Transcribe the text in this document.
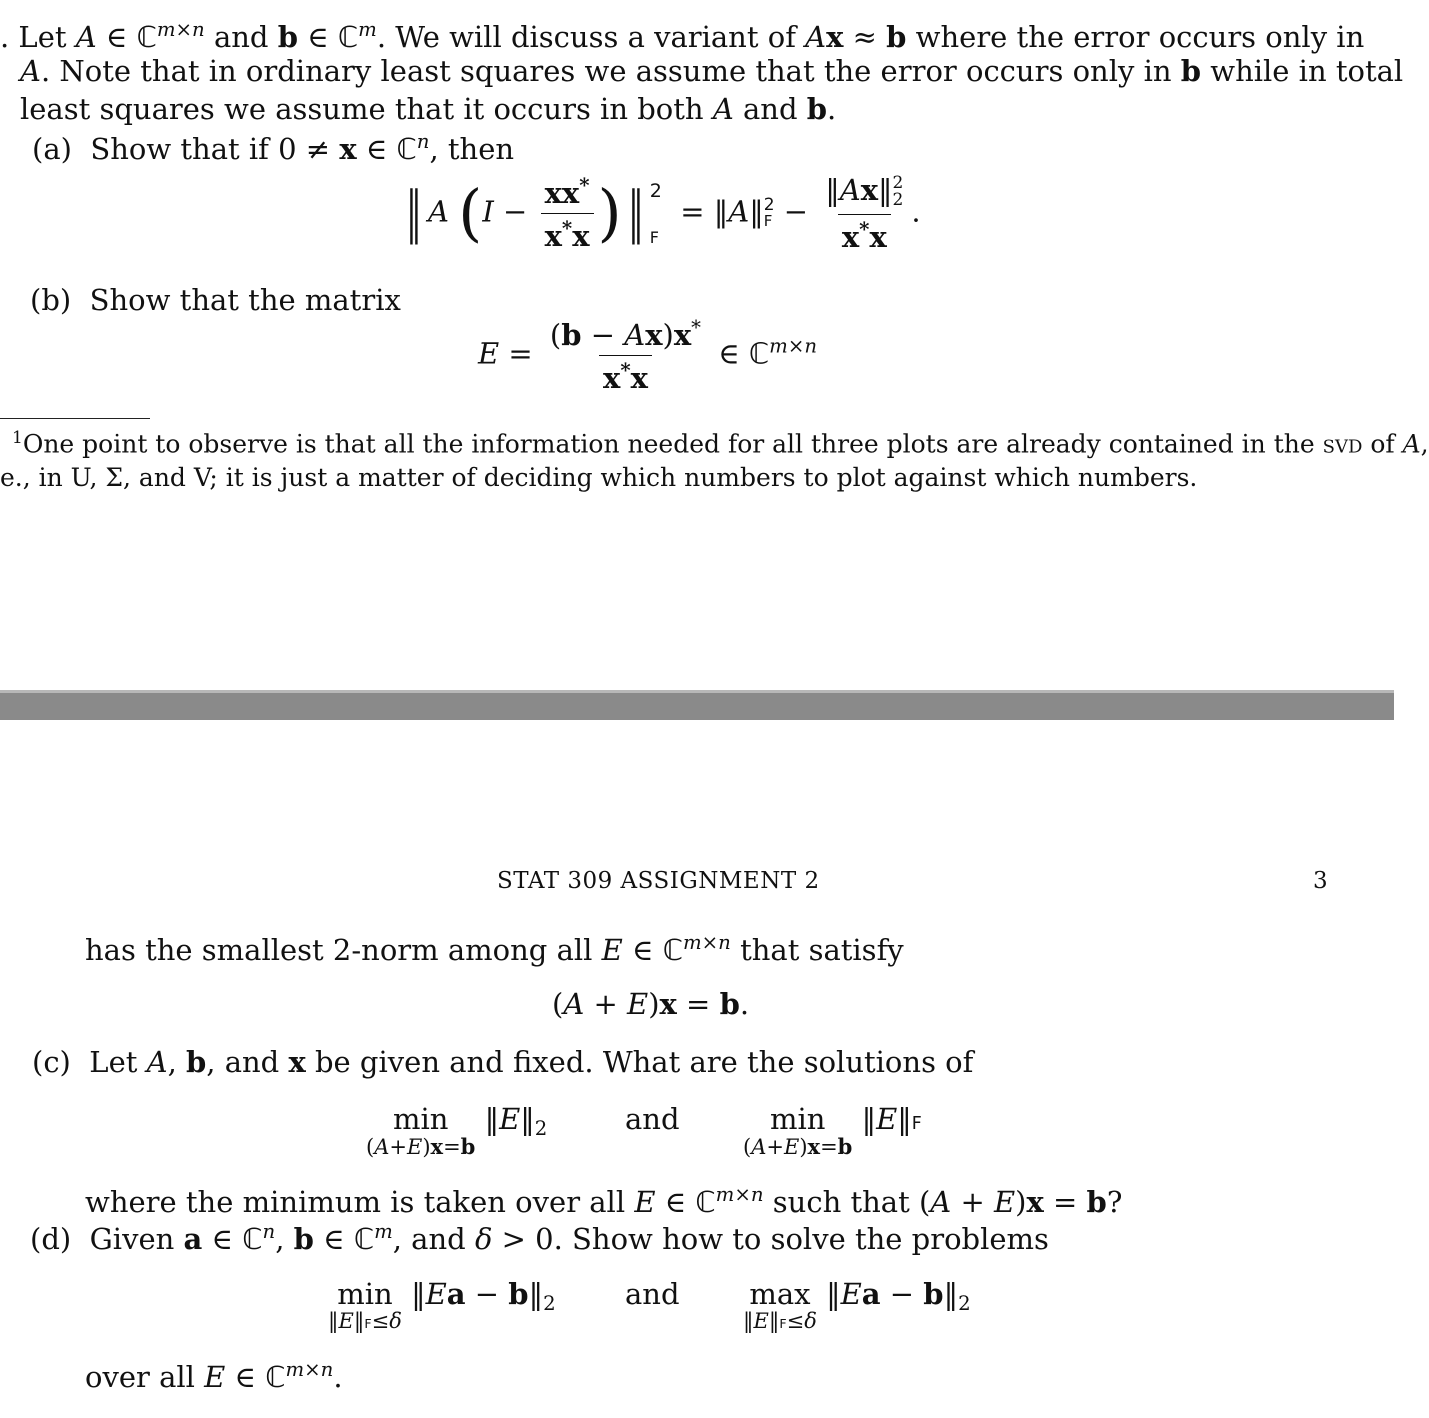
. Let A ∈ ℂ$^{m\times n}$ and b ∈ ℂ$^m$. We will discuss a variant of Ax ≈ b where the error occurs only in
A. Note that in ordinary least squares we assume that the error occurs only in b while in total
least squares we assume that it occurs in both A and b.
(a) Show that if 0 ≠ x ∈ ℂ$^n$, then
‖ A ($I - \frac{xx^*}{x^*x}$ ) ‖ 2
F
= ‖A‖ 2
F − ‖Ax‖ 2
2
x*x .
(b) Show that the matrix
$E = \frac{(b - Ax)x^*}{x^*x}$ ∈ ℂ$^{m\times n}$
$^1$One point to observe is that all the information needed for all three plots are already contained in the svd of A,
e., in U, Σ, and V; it is just a matter of deciding which numbers to plot against which numbers.
STAT 309 ASSIGNMENT 2	3
has the smallest 2-norm among all E ∈ ℂ$^{m\times n}$ that satisfy
(A + E)x = b.
(c)  Let A, b, and x be given and fixed. What are the solutions of
min
(A+E)x=b
$‖E‖_2$	and	min
(A+E)x=b
‖E‖F
where the minimum is taken over all E ∈ ℂ$^{m\times n}$ such that (A + E)x = b?
(d)  Given a ∈ ℂ$^n$, b ∈ ℂ$^m$, and δ > 0. Show how to solve the problems
min
‖E‖F≤δ
‖Ea − $b‖_2$ and max
‖E‖F≤δ
‖Ea − $b‖_2$
over all E ∈ ℂ$^{m\times n}$.
